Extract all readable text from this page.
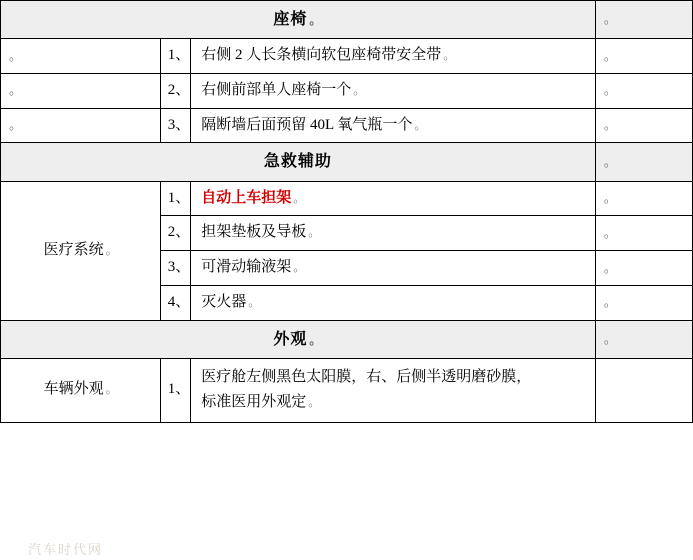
座椅 。			。

。	1、	右侧 2 人长条横向软包座椅带安全带 。	。

。	2、	右侧前部单人座椅一个 。	。

。	3、	隔断墙后面预留 40L 氧气瓶一个 。	。

急救辅助			。

医疗系统 。	1、	自动上车担架 。	。

	2、	担架垫板及导板 。	。

	3、	可滑动输液架 。	。

	4、	灭火器 。	。

外观 。			。

车辆外观 。	1、	医疗舱左侧黑色太阳膜，右、后侧半透明磨砂膜，
标准医用外观定 。	

汽车时代网
